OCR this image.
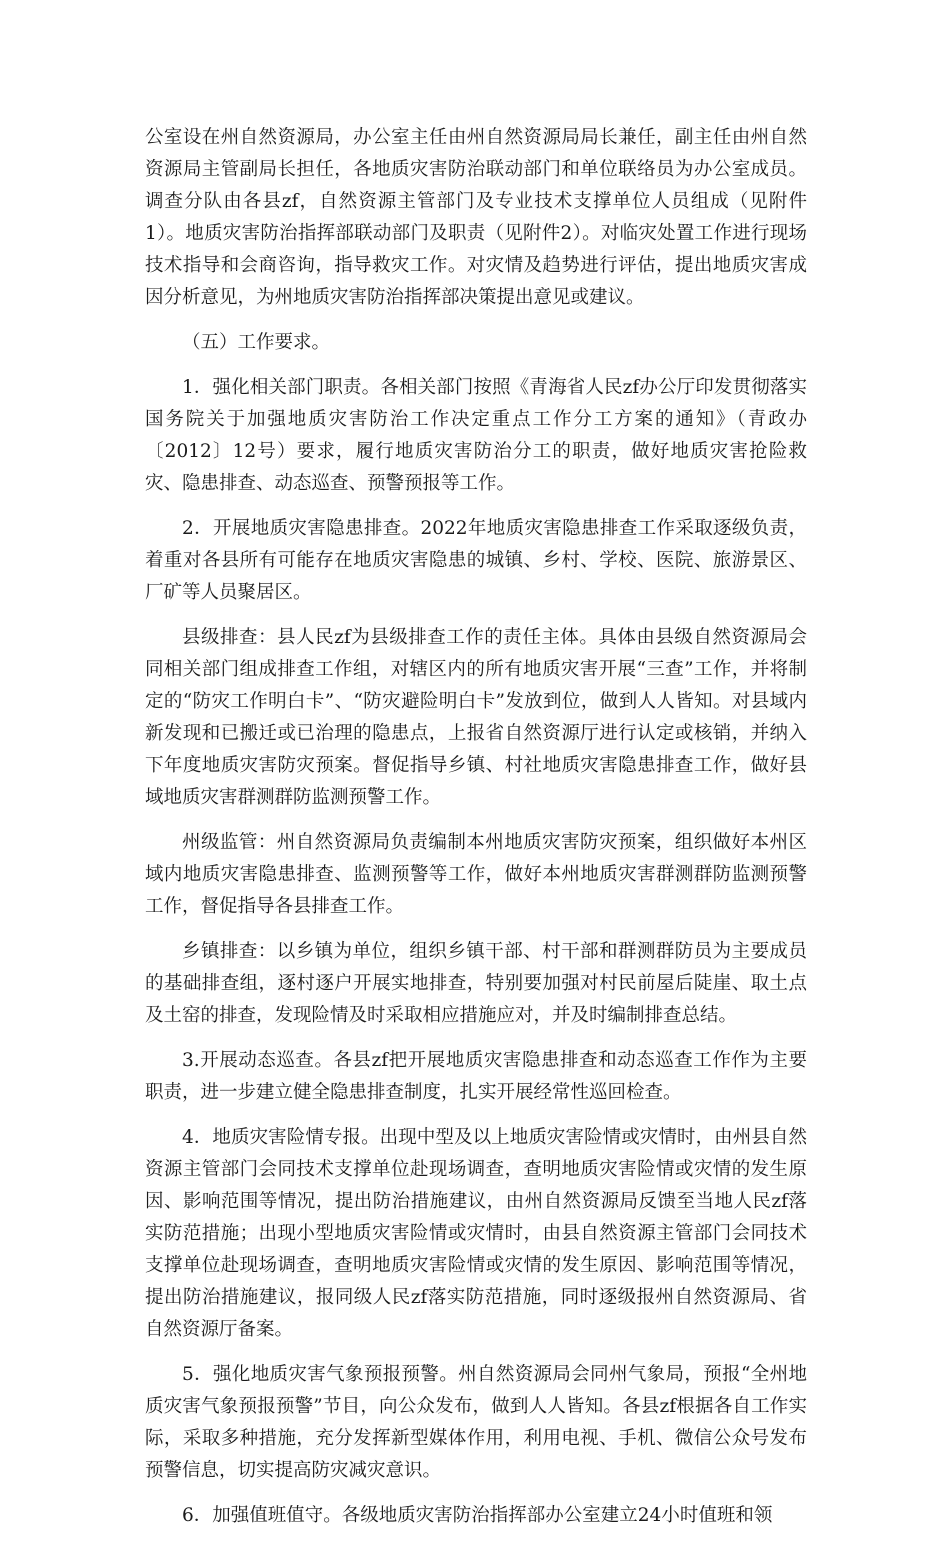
公室设在州自然资源局，办公室主任由州自然资源局局长兼任，副主任由州自然资源局主管副局长担任，各地质灾害防治联动部门和单位联络员为办公室成员。调查分队由各县zf，自然资源主管部门及专业技术支撑单位人员组成（见附件1）。地质灾害防治指挥部联动部门及职责（见附件2）。对临灾处置工作进行现场技术指导和会商咨询，指导救灾工作。对灾情及趋势进行评估，提出地质灾害成因分析意见，为州地质灾害防治指挥部决策提出意见或建议。

（五）工作要求。

1．强化相关部门职责。各相关部门按照《青海省人民zf办公厅印发贯彻落实国务院关于加强地质灾害防治工作决定重点工作分工方案的通知》（青政办〔2012〕12号）要求，履行地质灾害防治分工的职责，做好地质灾害抢险救灾、隐患排查、动态巡查、预警预报等工作。

2．开展地质灾害隐患排查。2022年地质灾害隐患排查工作采取逐级负责，着重对各县所有可能存在地质灾害隐患的城镇、乡村、学校、医院、旅游景区、厂矿等人员聚居区。

县级排查：县人民zf为县级排查工作的责任主体。具体由县级自然资源局会同相关部门组成排查工作组，对辖区内的所有地质灾害开展“三查”工作，并将制定的“防灾工作明白卡”、“防灾避险明白卡”发放到位，做到人人皆知。对县域内新发现和已搬迁或已治理的隐患点，上报省自然资源厅进行认定或核销，并纳入下年度地质灾害防灾预案。督促指导乡镇、村社地质灾害隐患排查工作，做好县域地质灾害群测群防监测预警工作。

州级监管：州自然资源局负责编制本州地质灾害防灾预案，组织做好本州区域内地质灾害隐患排查、监测预警等工作，做好本州地质灾害群测群防监测预警工作，督促指导各县排查工作。

乡镇排查：以乡镇为单位，组织乡镇干部、村干部和群测群防员为主要成员的基础排查组，逐村逐户开展实地排查，特别要加强对村民前屋后陡崖、取土点及土窑的排查，发现险情及时采取相应措施应对，并及时编制排查总结。

3.开展动态巡查。各县zf把开展地质灾害隐患排查和动态巡查工作作为主要职责，进一步建立健全隐患排查制度，扎实开展经常性巡回检查。

4．地质灾害险情专报。出现中型及以上地质灾害险情或灾情时，由州县自然资源主管部门会同技术支撑单位赴现场调查，查明地质灾害险情或灾情的发生原因、影响范围等情况，提出防治措施建议，由州自然资源局反馈至当地人民zf落实防范措施；出现小型地质灾害险情或灾情时，由县自然资源主管部门会同技术支撑单位赴现场调查，查明地质灾害险情或灾情的发生原因、影响范围等情况，提出防治措施建议，报同级人民zf落实防范措施，同时逐级报州自然资源局、省自然资源厅备案。

5．强化地质灾害气象预报预警。州自然资源局会同州气象局，预报“全州地质灾害气象预报预警”节目，向公众发布，做到人人皆知。各县zf根据各自工作实际，采取多种措施，充分发挥新型媒体作用，利用电视、手机、微信公众号发布预警信息，切实提高防灾减灾意识。

6．加强值班值守。各级地质灾害防治指挥部办公室建立24小时值班和领
